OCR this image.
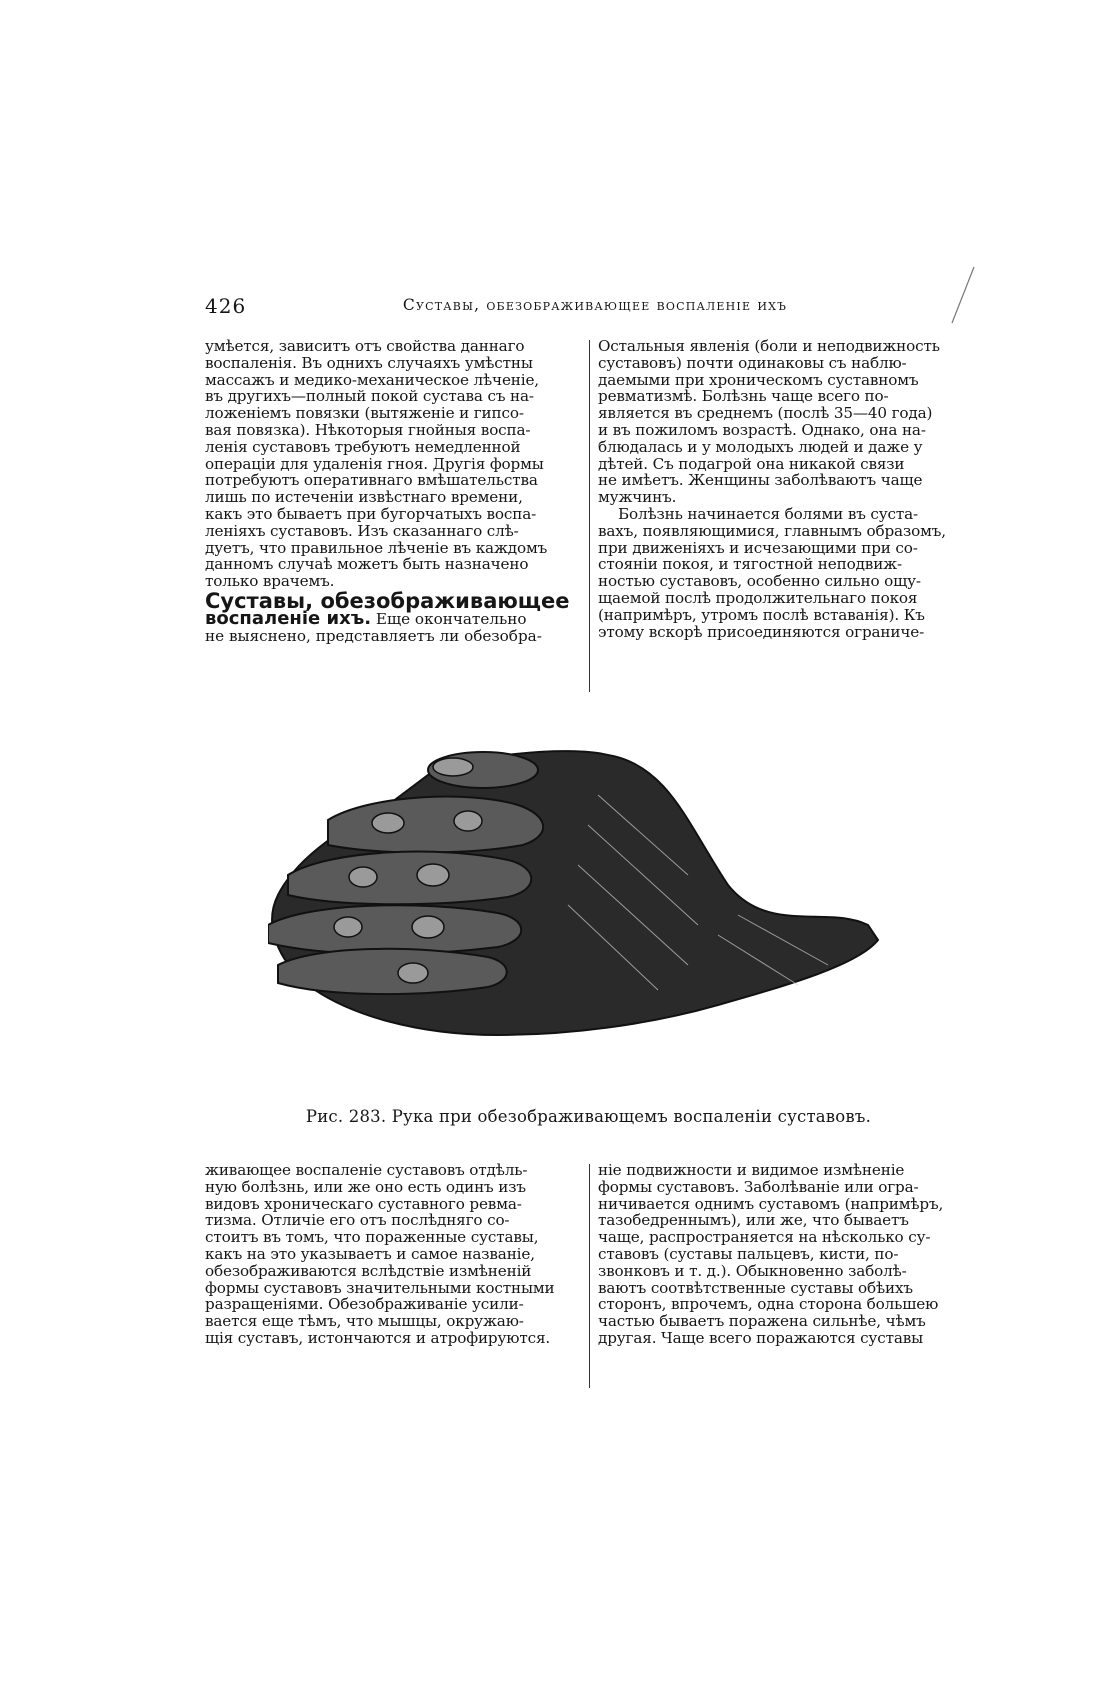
426	Суставы, обезображивающее воспаленіе ихъ

умѣется, зависитъ отъ свойства даннаго
воспаленія. Въ однихъ случаяхъ умѣстны
массажъ и медико-механическое лѣченіе,
въ другихъ—полный покой сустава съ на-
ложеніемъ повязки (вытяженіе и гипсо-
вая повязка). Нѣкоторыя гнойныя воспа-
ленія суставовъ требуютъ немедленной
операціи для удаленія гноя. Другія формы
потребуютъ оперативнаго вмѣшательства
лишь по истеченіи извѣстнаго времени,
какъ это бываетъ при бугорчатыхъ воспа-
леніяхъ суставовъ. Изъ сказаннаго слѣ-
дуетъ, что правильное лѣченіе въ каждомъ
данномъ случаѣ можетъ быть назначено
только врачемъ.

Суставы, обезображивающее

воспаленіе ихъ. Еще окончательно
не выяснено, представляетъ ли обезобра-

Остальныя явленія (боли и неподвижность
суставовъ) почти одинаковы съ наблю-
даемыми при хроническомъ суставномъ
ревматизмѣ. Болѣзнь чаще всего по-
является въ среднемъ (послѣ 35—40 года)
и въ пожиломъ возрастѣ. Однако, она на-
блюдалась и у молодыхъ людей и даже у
дѣтей. Съ подагрой она никакой связи
не имѣетъ. Женщины заболѣваютъ чаще
мужчинъ.

Болѣзнь начинается болями въ суста-
вахъ, появляющимися, главнымъ образомъ,
при движеніяхъ и исчезающими при со-
стояніи покоя, и тягостной неподвиж-
ностью суставовъ, особенно сильно ощу-
щаемой послѣ продолжительнаго покоя
(напримѣръ, утромъ послѣ вставанія). Къ
этому вскорѣ присоединяются ограниче-

Рис. 283. Рука при обезображивающемъ воспаленіи суставовъ.

живающее воспаленіе суставовъ отдѣль-
ную болѣзнь, или же оно есть одинъ изъ
видовъ хроническаго суставного ревма-
тизма. Отличіе его отъ послѣдняго со-
стоитъ въ томъ, что пораженные суставы,
какъ на это указываетъ и самое названіе,
обезображиваются вслѣдствіе измѣненій
формы суставовъ значительными костными
разращеніями. Обезображиваніе усили-
вается еще тѣмъ, что мышцы, окружаю-
щія суставъ, истончаются и атрофируются.

ніе подвижности и видимое измѣненіе
формы суставовъ. Заболѣваніе или огра-
ничивается однимъ суставомъ (напримѣръ,
тазобедреннымъ), или же, что бываетъ
чаще, распространяется на нѣсколько су-
ставовъ (суставы пальцевъ, кисти, по-
звонковъ и т. д.). Обыкновенно заболѣ-
ваютъ соотвѣтственные суставы обѣихъ
сторонъ, впрочемъ, одна сторона большею
частью бываетъ поражена сильнѣе, чѣмъ
другая. Чаще всего поражаются суставы
